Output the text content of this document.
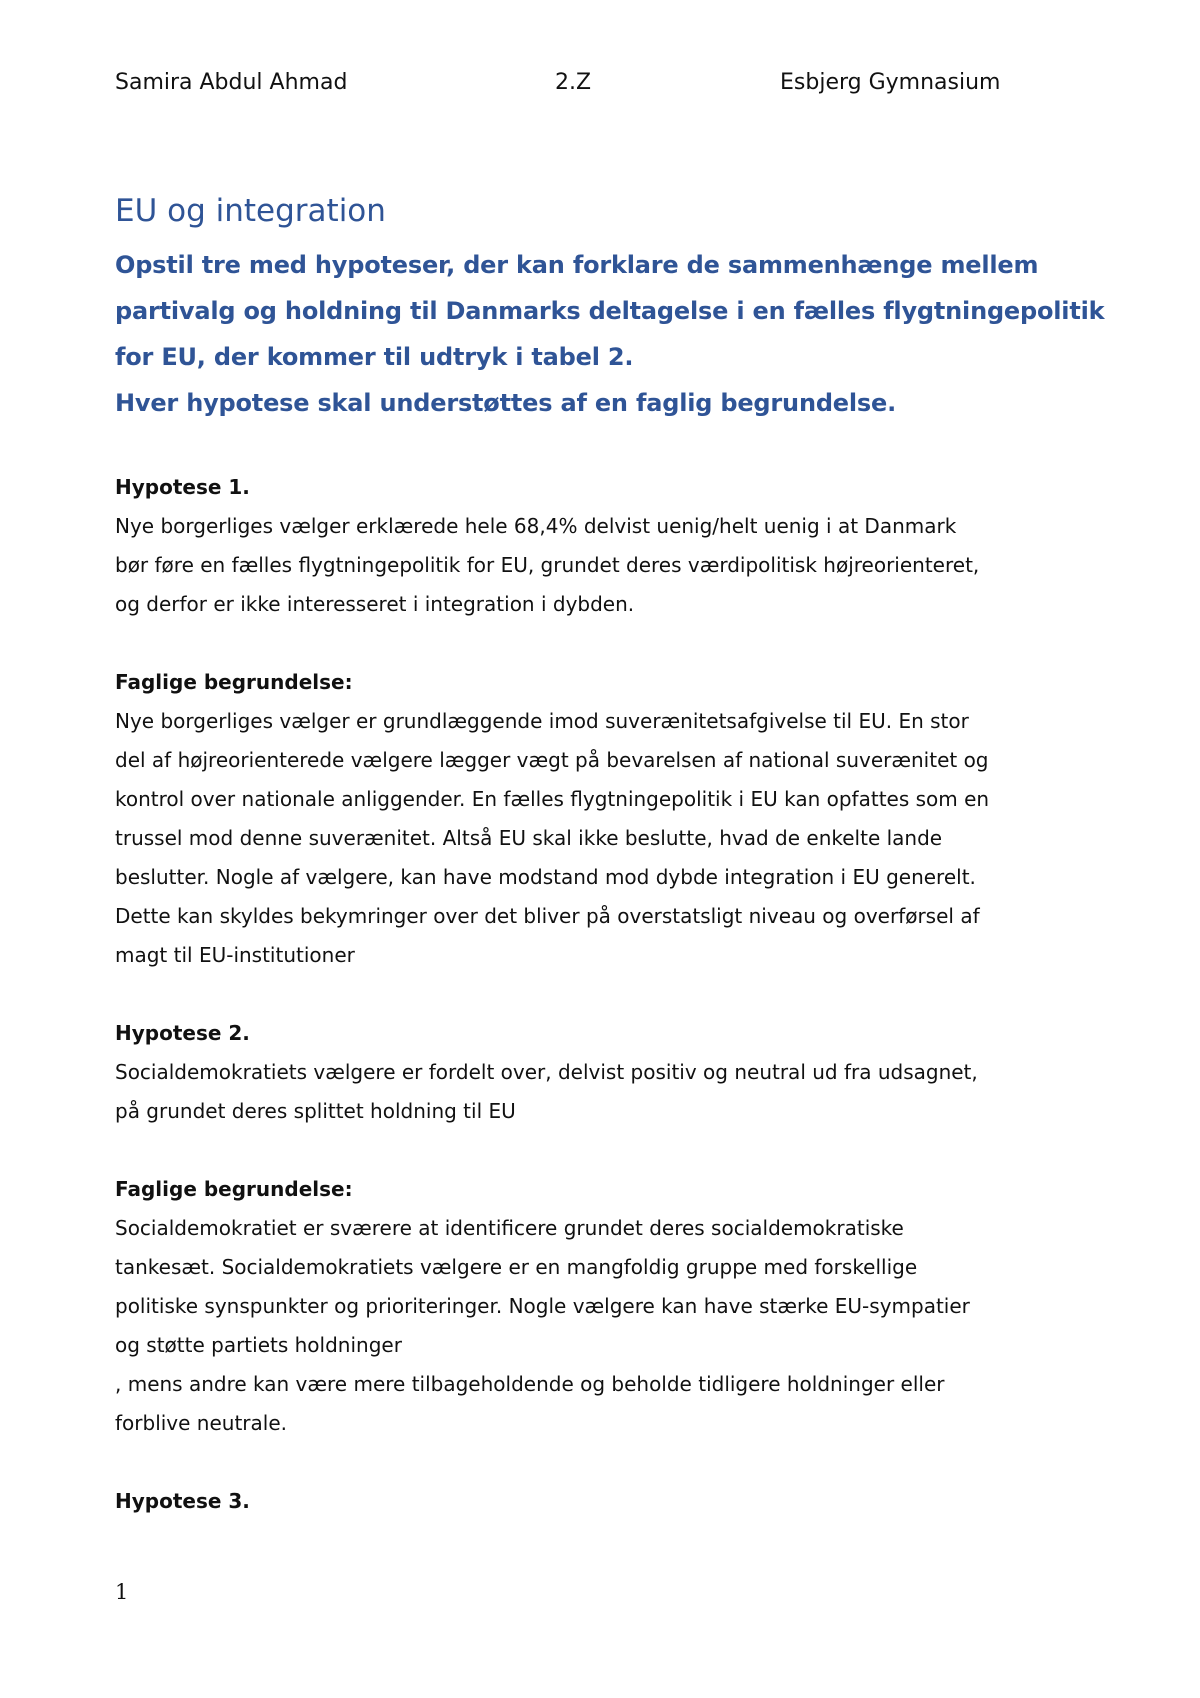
Samira Abdul Ahmad	2.Z	Esbjerg Gymnasium
EU og integration

Opstil tre med hypoteser, der kan forklare de sammenhænge mellem
partivalg og holdning til Danmarks deltagelse i en fælles flygtningepolitik
for EU, der kommer til udtryk i tabel 2.

Hver hypotese skal understøttes af en faglig begrundelse.

Hypotese 1.

Nye borgerliges vælger erklærede hele 68,4% delvist uenig/helt uenig i at Danmark
bør føre en fælles flygtningepolitik for EU, grundet deres værdipolitisk højreorienteret,
og derfor er ikke interesseret i integration i dybden.

Faglige begrundelse:

Nye borgerliges vælger er grundlæggende imod suverænitetsafgivelse til EU. En stor
del af højreorienterede vælgere lægger vægt på bevarelsen af national suverænitet og
kontrol over nationale anliggender. En fælles flygtningepolitik i EU kan opfattes som en
trussel mod denne suverænitet. Altså EU skal ikke beslutte, hvad de enkelte lande
beslutter. Nogle af vælgere, kan have modstand mod dybde integration i EU generelt.
Dette kan skyldes bekymringer over det bliver på overstatsligt niveau og overførsel af
magt til EU-institutioner

Hypotese 2.

Socialdemokratiets vælgere er fordelt over, delvist positiv og neutral ud fra udsagnet,
på grundet deres splittet holdning til EU

Faglige begrundelse:

Socialdemokratiet er sværere at identificere grundet deres socialdemokratiske
tankesæt. Socialdemokratiets vælgere er en mangfoldig gruppe med forskellige
politiske synspunkter og prioriteringer. Nogle vælgere kan have stærke EU-sympatier
og støtte partiets holdninger
, mens andre kan være mere tilbageholdende og beholde tidligere holdninger eller
forblive neutrale.

Hypotese 3.
1
